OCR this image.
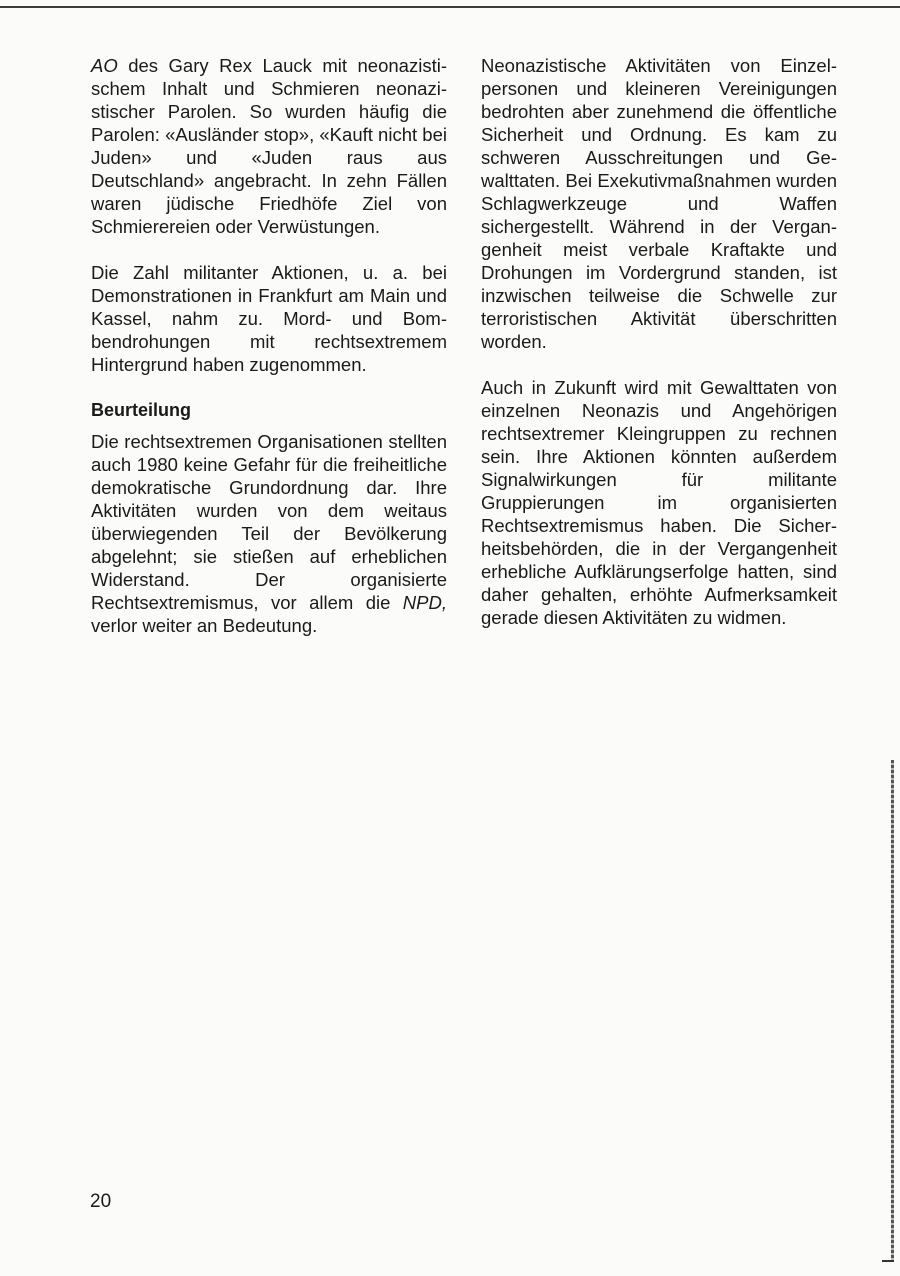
AO des Gary Rex Lauck mit neonazistischem Inhalt und Schmieren neonazistischer Parolen. So wurden häufig die Parolen: «Ausländer stop», «Kauft nicht bei Juden» und «Juden raus aus Deutschland» angebracht. In zehn Fällen waren jüdische Friedhöfe Ziel von Schmierereien oder Verwüstungen.

Die Zahl militanter Aktionen, u. a. bei Demonstrationen in Frankfurt am Main und Kassel, nahm zu. Mord- und Bombendrohungen mit rechtsextremem Hintergrund haben zugenommen.

Beurteilung

Die rechtsextremen Organisationen stellten auch 1980 keine Gefahr für die freiheitliche demokratische Grundordnung dar. Ihre Aktivitäten wurden von dem weitaus überwiegenden Teil der Bevölkerung abgelehnt; sie stießen auf erheblichen Widerstand. Der organisierte Rechtsextremismus, vor allem die NPD, verlor weiter an Bedeutung.

Neonazistische Aktivitäten von Einzelpersonen und kleineren Vereinigungen bedrohten aber zunehmend die öffentliche Sicherheit und Ordnung. Es kam zu schweren Ausschreitungen und Gewalttaten. Bei Exekutivmaßnahmen wurden Schlagwerkzeuge und Waffen sichergestellt. Während in der Vergangenheit meist verbale Kraftakte und Drohungen im Vordergrund standen, ist inzwischen teilweise die Schwelle zur terroristischen Aktivität überschritten worden.

Auch in Zukunft wird mit Gewalttaten von einzelnen Neonazis und Angehörigen rechtsextremer Kleingruppen zu rechnen sein. Ihre Aktionen könnten außerdem Signalwirkungen für militante Gruppierungen im organisierten Rechtsextremismus haben. Die Sicherheitsbehörden, die in der Vergangenheit erhebliche Aufklärungserfolge hatten, sind daher gehalten, erhöhte Aufmerksamkeit gerade diesen Aktivitäten zu widmen.

20
